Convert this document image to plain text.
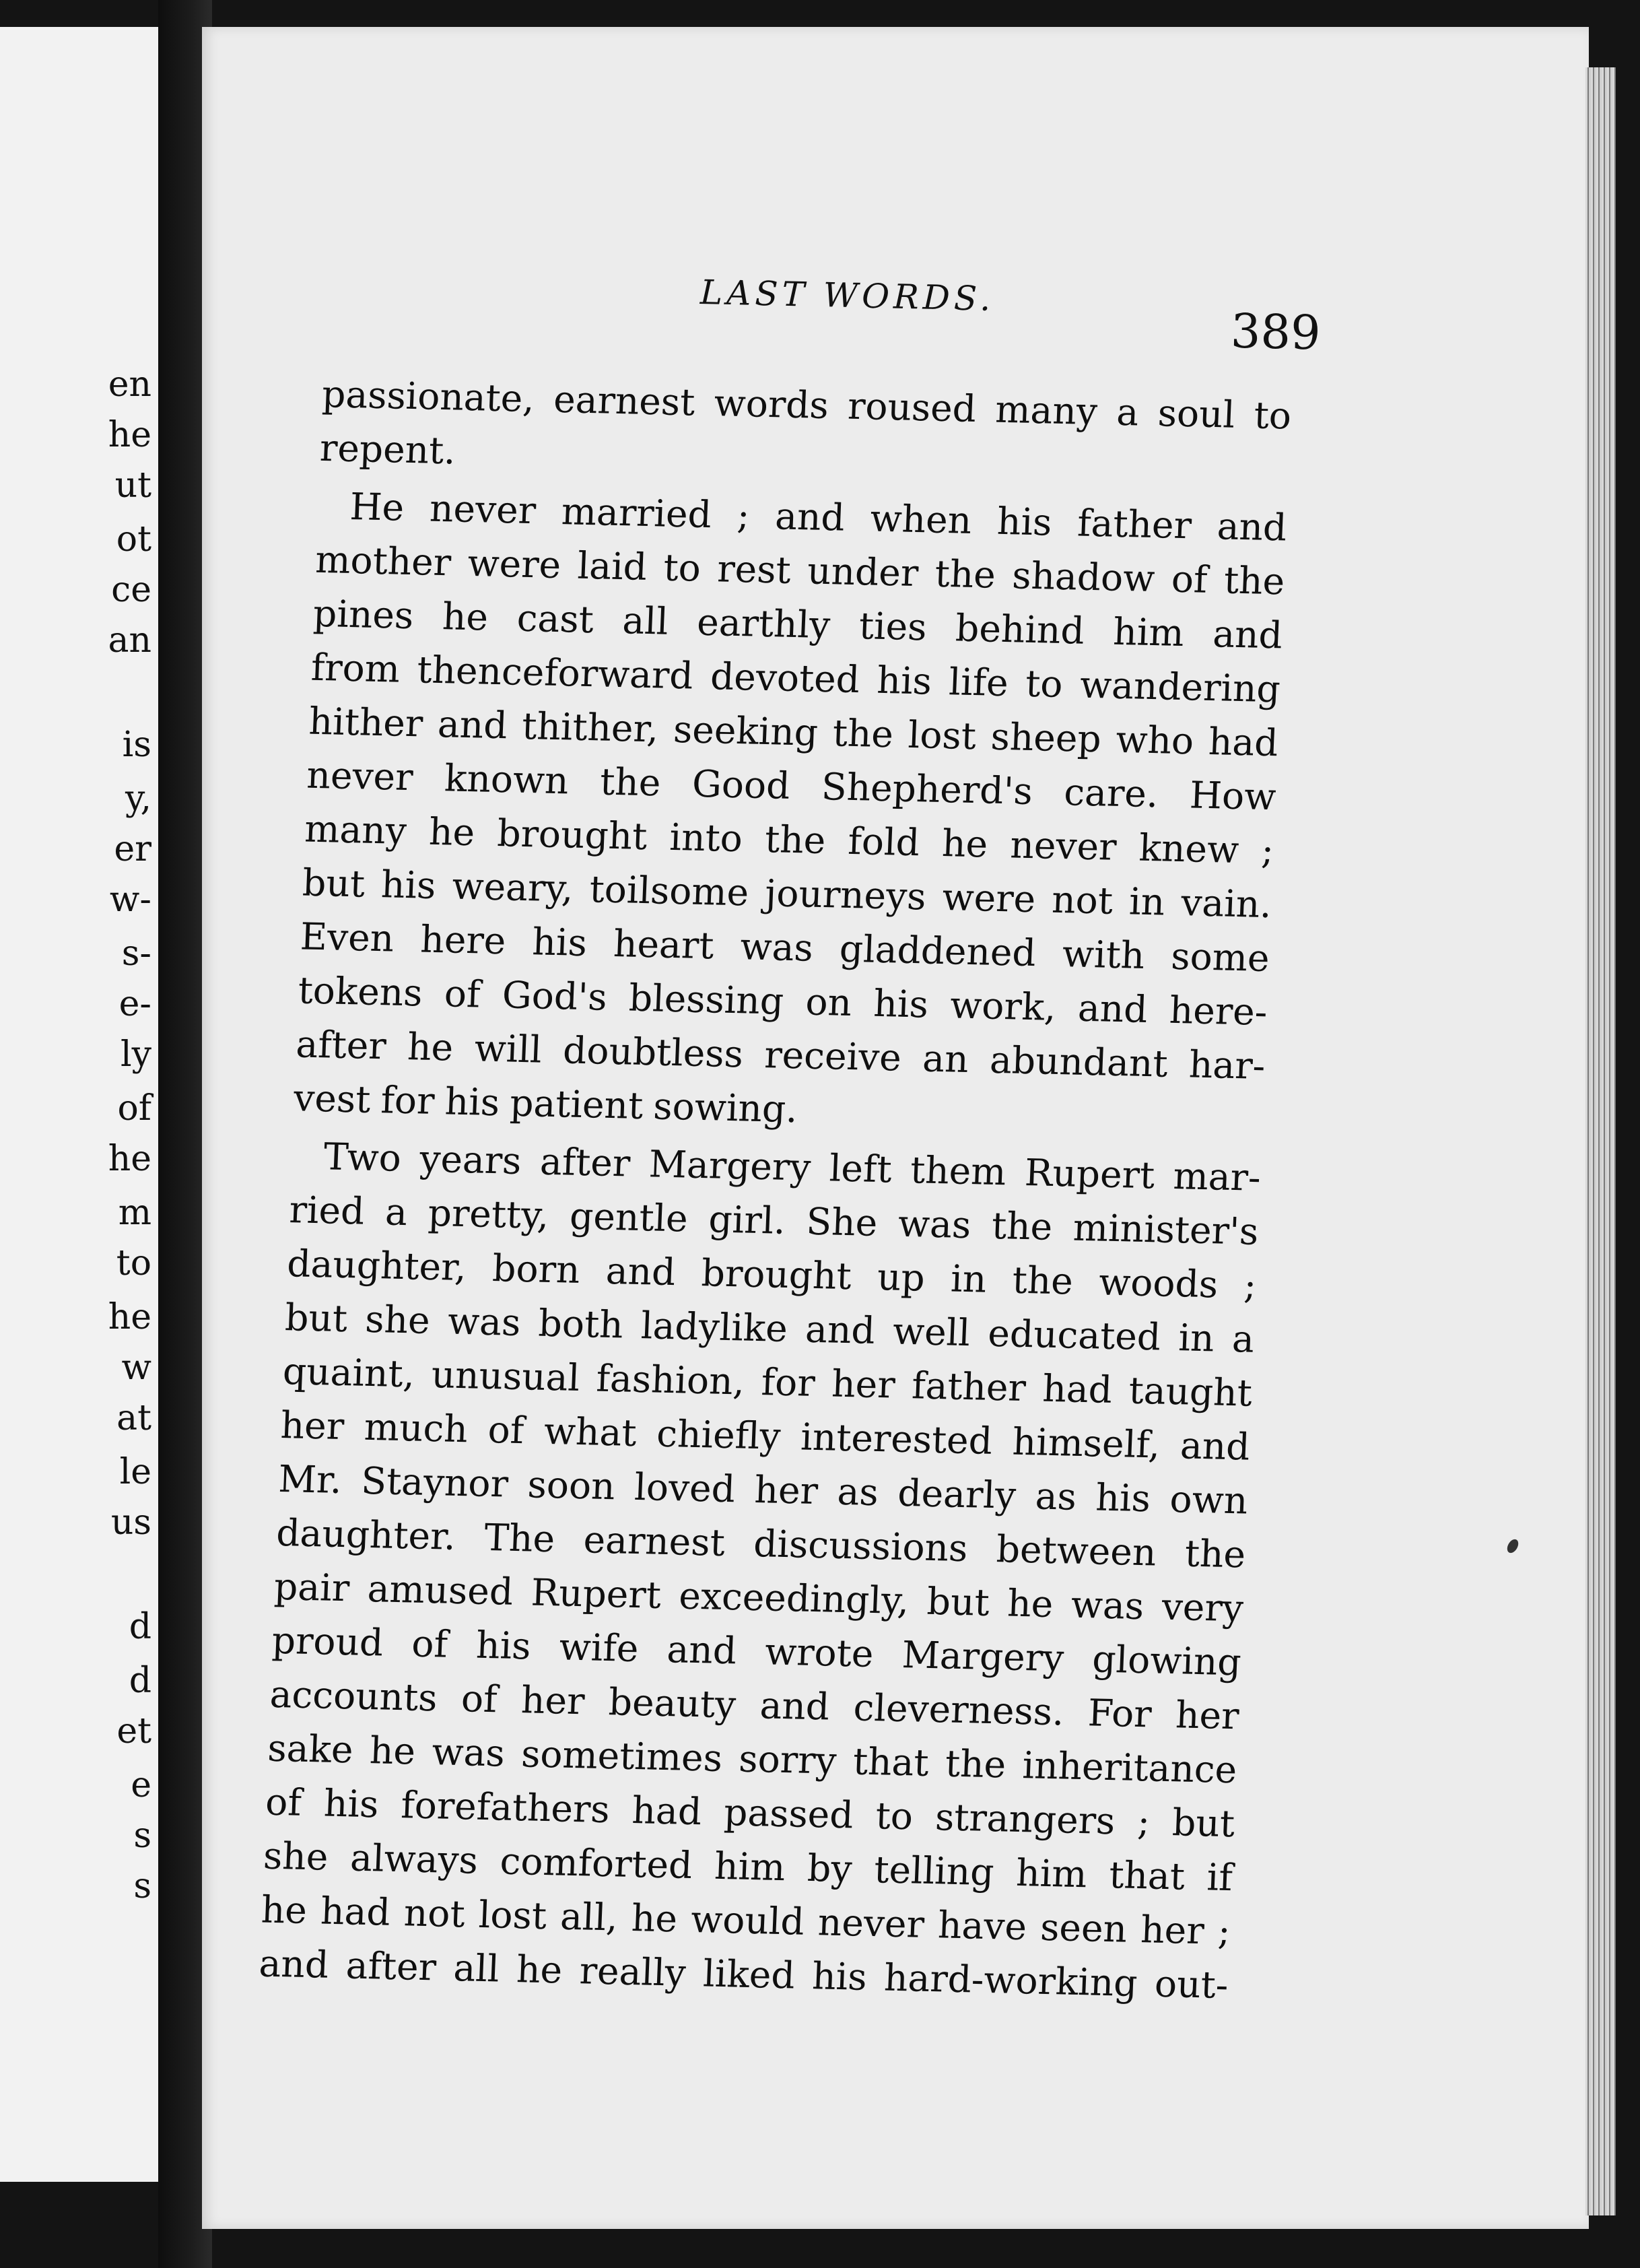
en
he
ut
ot
ce
an
is
y,
er
w-
s-
e-
ly
of
he
m
to
he
w
at
le
us
d
d
et
e
s
s
LAST WORDS.
389
passionate, earnest words roused many a soul to
repent.
He never married ; and when his father and
mother were laid to rest under the shadow of the
pines he cast all earthly ties behind him and
from thenceforward devoted his life to wandering
hither and thither, seeking the lost sheep who had
never known the Good Shepherd's care. How
many he brought into the fold he never knew ;
but his weary, toilsome journeys were not in vain.
Even here his heart was gladdened with some
tokens of God's blessing on his work, and here-
after he will doubtless receive an abundant har-
vest for his patient sowing.
Two years after Margery left them Rupert mar-
ried a pretty, gentle girl. She was the minister's
daughter, born and brought up in the woods ;
but she was both ladylike and well educated in a
quaint, unusual fashion, for her father had taught
her much of what chiefly interested himself, and
Mr. Staynor soon loved her as dearly as his own
daughter. The earnest discussions between the
pair amused Rupert exceedingly, but he was very
proud of his wife and wrote Margery glowing
accounts of her beauty and cleverness. For her
sake he was sometimes sorry that the inheritance
of his forefathers had passed to strangers ; but
she always comforted him by telling him that if
he had not lost all, he would never have seen her ;
and after all he really liked his hard-working out-
